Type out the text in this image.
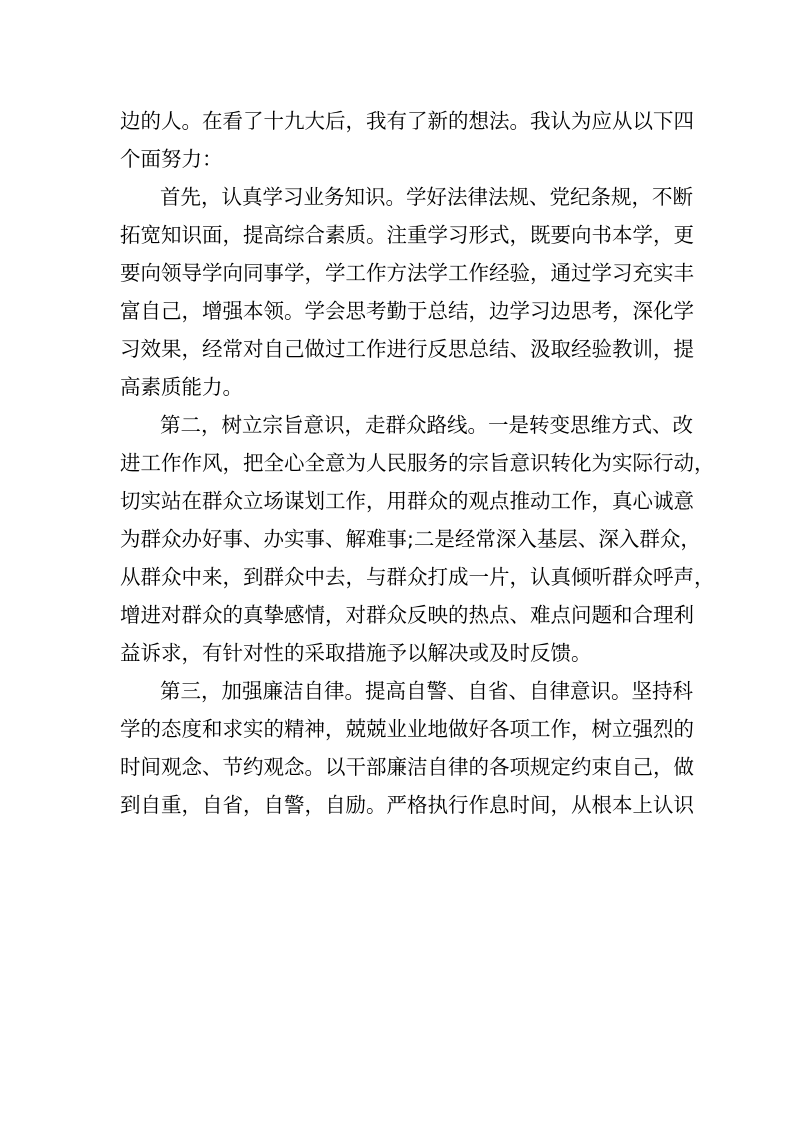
边的人。在看了十九大后，我有了新的想法。我认为应从以下四
个面努力：
首先，认真学习业务知识。学好法律法规、党纪条规，不断
拓宽知识面，提高综合素质。注重学习形式，既要向书本学，更
要向领导学向同事学，学工作方法学工作经验，通过学习充实丰
富自己，增强本领。学会思考勤于总结，边学习边思考，深化学
习效果，经常对自己做过工作进行反思总结、汲取经验教训，提
高素质能力。
第二，树立宗旨意识，走群众路线。一是转变思维方式、改
进工作作风，把全心全意为人民服务的宗旨意识转化为实际行动，
切实站在群众立场谋划工作，用群众的观点推动工作，真心诚意
为群众办好事、办实事、解难事;二是经常深入基层、深入群众，
从群众中来，到群众中去，与群众打成一片，认真倾听群众呼声，
增进对群众的真挚感情，对群众反映的热点、难点问题和合理利
益诉求，有针对性的采取措施予以解决或及时反馈。
第三，加强廉洁自律。提高自警、自省、自律意识。坚持科
学的态度和求实的精神，兢兢业业地做好各项工作，树立强烈的
时间观念、节约观念。以干部廉洁自律的各项规定约束自己，做
到自重，自省，自警，自励。严格执行作息时间，从根本上认识
